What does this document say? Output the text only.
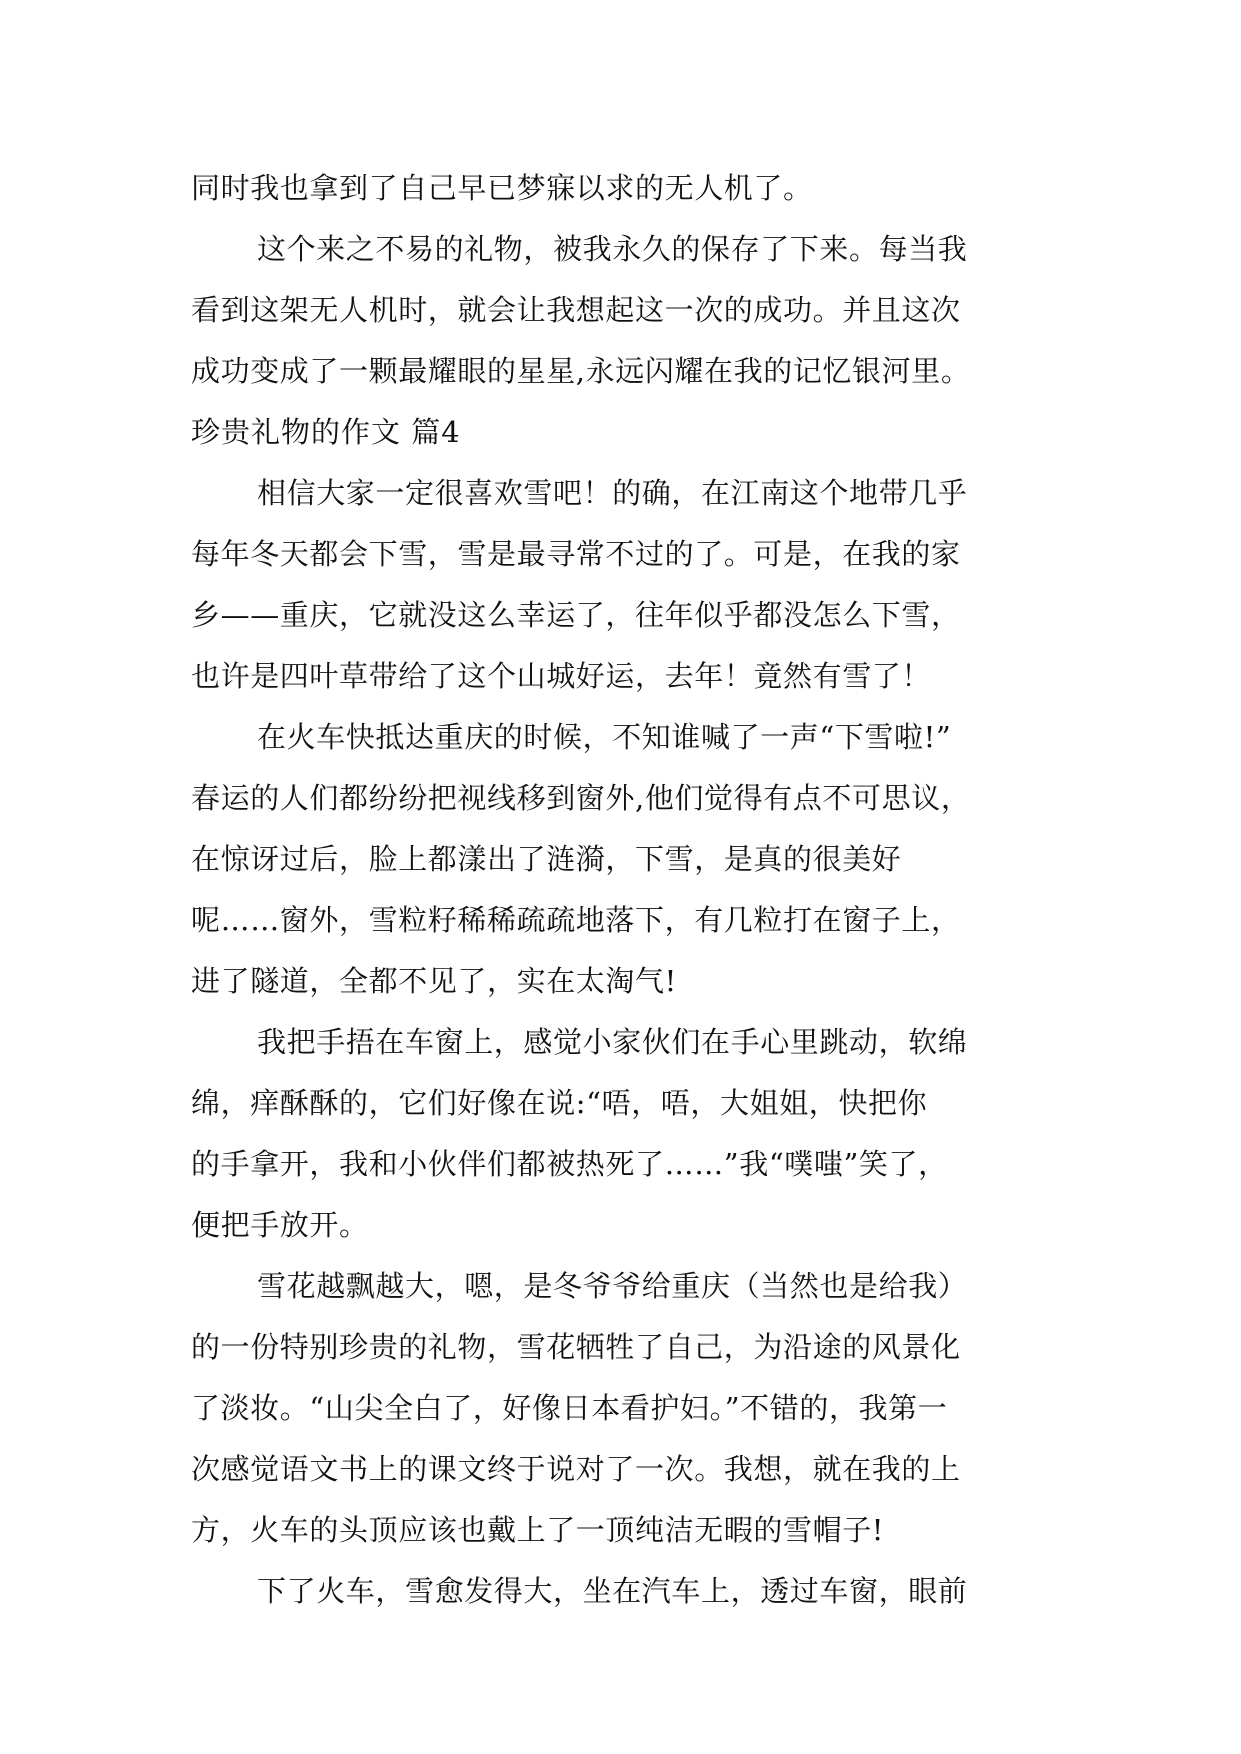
同时我也拿到了自己早已梦寐以求的无人机了。
这个来之不易的礼物，被我永久的保存了下来。每当我
看到这架无人机时，就会让我想起这一次的成功。并且这次
成功变成了一颗最耀眼的星星,永远闪耀在我的记忆银河里。
珍贵礼物的作文 篇4
相信大家一定很喜欢雪吧！的确，在江南这个地带几乎
每年冬天都会下雪，雪是最寻常不过的了。可是，在我的家
乡——重庆，它就没这么幸运了，往年似乎都没怎么下雪，
也许是四叶草带给了这个山城好运，去年！竟然有雪了！
在火车快抵达重庆的时候，不知谁喊了一声“下雪啦!”
春运的人们都纷纷把视线移到窗外,他们觉得有点不可思议，
在惊讶过后，脸上都漾出了涟漪，下雪，是真的很美好
呢……窗外，雪粒籽稀稀疏疏地落下，有几粒打在窗子上，
进了隧道，全都不见了，实在太淘气!
我把手捂在车窗上，感觉小家伙们在手心里跳动，软绵
绵，痒酥酥的，它们好像在说:“唔，唔，大姐姐，快把你
的手拿开，我和小伙伴们都被热死了……”我“噗嗤”笑了，
便把手放开。
雪花越飘越大，嗯，是冬爷爷给重庆（当然也是给我）
的一份特别珍贵的礼物，雪花牺牲了自己，为沿途的风景化
了淡妆。“山尖全白了，好像日本看护妇。”不错的，我第一
次感觉语文书上的课文终于说对了一次。我想，就在我的上
方，火车的头顶应该也戴上了一顶纯洁无暇的雪帽子!
下了火车，雪愈发得大，坐在汽车上，透过车窗，眼前
